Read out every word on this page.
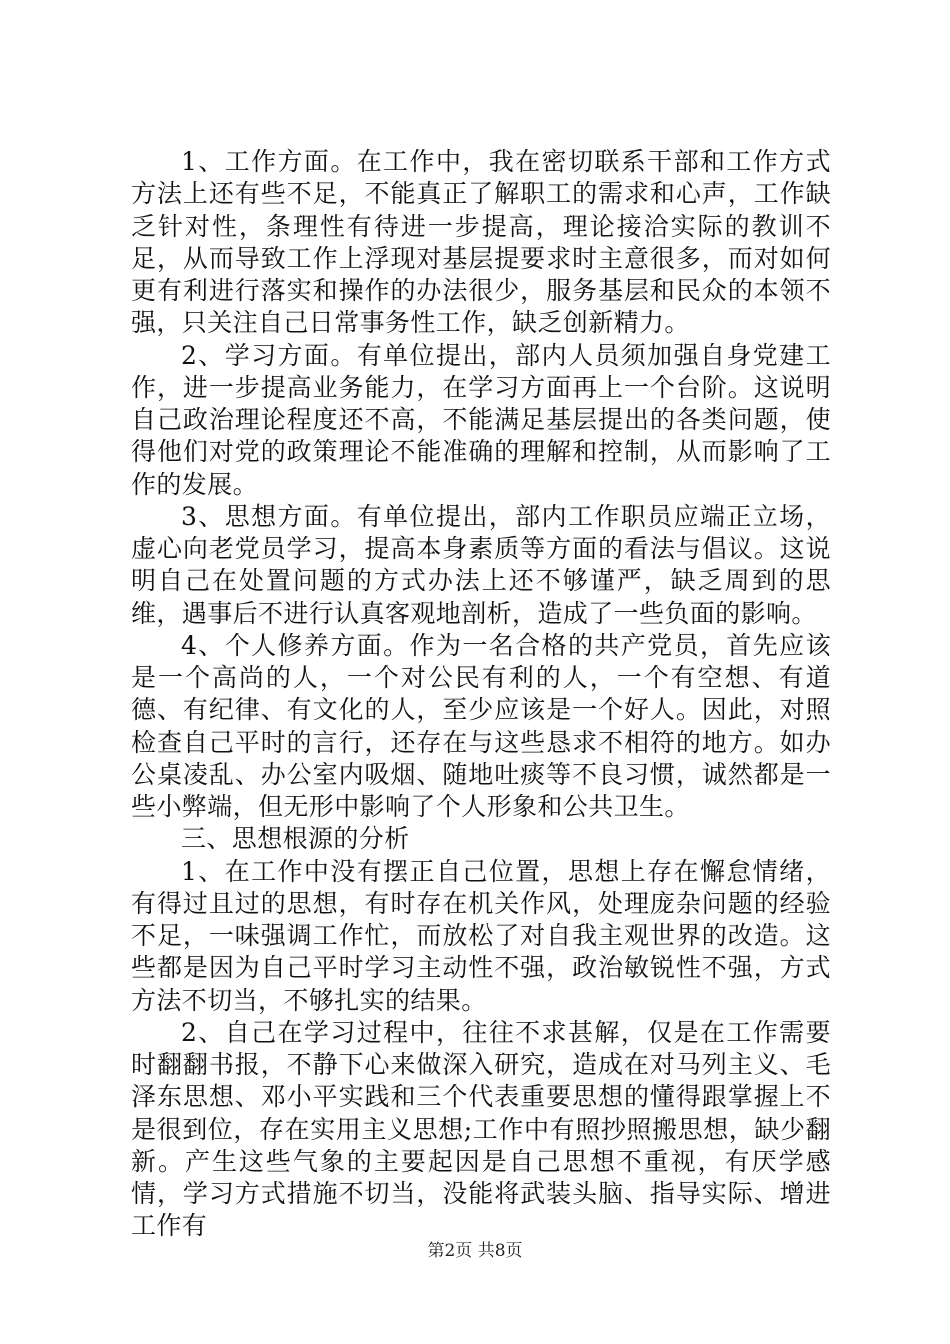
1、工作方面。在工作中，我在密切联系干部和工作方式方法上还有些不足，不能真正了解职工的需求和心声，工作缺乏针对性，条理性有待进一步提高，理论接洽实际的教训不足，从而导致工作上浮现对基层提要求时主意很多，而对如何更有利进行落实和操作的办法很少，服务基层和民众的本领不强，只关注自己日常事务性工作，缺乏创新精力。

2、学习方面。有单位提出，部内人员须加强自身党建工作，进一步提高业务能力，在学习方面再上一个台阶。这说明自己政治理论程度还不高，不能满足基层提出的各类问题，使得他们对党的政策理论不能准确的理解和控制，从而影响了工作的发展。

3、思想方面。有单位提出，部内工作职员应端正立场，虚心向老党员学习，提高本身素质等方面的看法与倡议。这说明自己在处置问题的方式办法上还不够谨严，缺乏周到的思维，遇事后不进行认真客观地剖析，造成了一些负面的影响。

4、个人修养方面。作为一名合格的共产党员，首先应该是一个高尚的人，一个对公民有利的人，一个有空想、有道德、有纪律、有文化的人，至少应该是一个好人。因此，对照检查自己平时的言行，还存在与这些恳求不相符的地方。如办公桌凌乱、办公室内吸烟、随地吐痰等不良习惯，诚然都是一些小弊端，但无形中影响了个人形象和公共卫生。

三、思想根源的分析

1、在工作中没有摆正自己位置，思想上存在懈怠情绪，有得过且过的思想，有时存在机关作风，处理庞杂问题的经验不足，一味强调工作忙，而放松了对自我主观世界的改造。这些都是因为自己平时学习主动性不强，政治敏锐性不强，方式方法不切当，不够扎实的结果。

2、自己在学习过程中，往往不求甚解，仅是在工作需要时翻翻书报，不静下心来做深入研究，造成在对马列主义、毛泽东思想、邓小平实践和三个代表重要思想的懂得跟掌握上不是很到位，存在实用主义思想;工作中有照抄照搬思想，缺少翻新。产生这些气象的主要起因是自己思想不重视，有厌学感情，学习方式措施不切当，没能将武装头脑、指导实际、增进工作有

第2页 共8页
